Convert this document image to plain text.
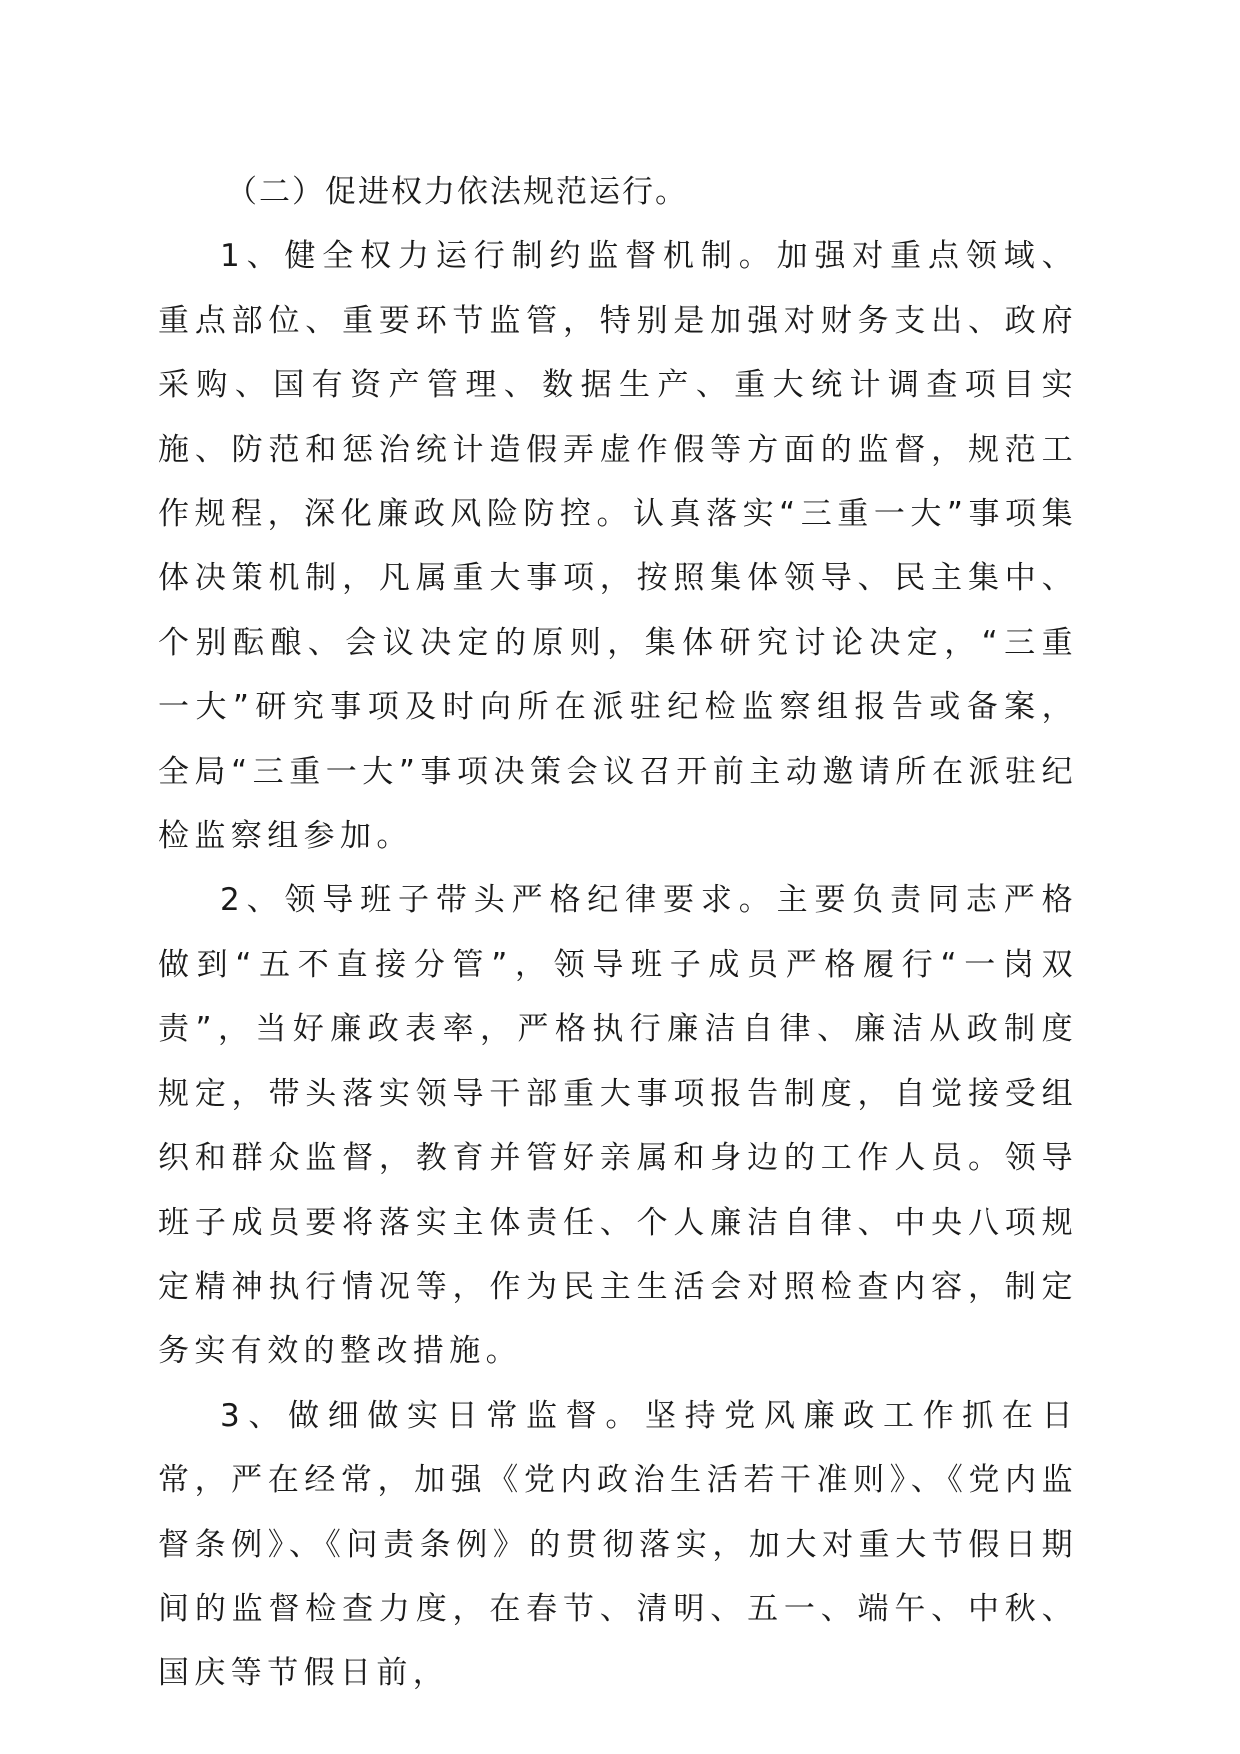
（二）促进权力依法规范运行。

1、健全权力运行制约监督机制。加强对重点领域、重点部位、重要环节监管，特别是加强对财务支出、政府采购、国有资产管理、数据生产、重大统计调查项目实施、防范和惩治统计造假弄虚作假等方面的监督，规范工作规程，深化廉政风险防控。认真落实“三重一大”事项集体决策机制，凡属重大事项，按照集体领导、民主集中、个别酝酿、会议决定的原则，集体研究讨论决定，“三重一大”研究事项及时向所在派驻纪检监察组报告或备案，全局“三重一大”事项决策会议召开前主动邀请所在派驻纪检监察组参加。

2、领导班子带头严格纪律要求。主要负责同志严格做到“五不直接分管”，领导班子成员严格履行“一岗双责”，当好廉政表率，严格执行廉洁自律、廉洁从政制度规定，带头落实领导干部重大事项报告制度，自觉接受组织和群众监督，教育并管好亲属和身边的工作人员。领导班子成员要将落实主体责任、个人廉洁自律、中央八项规定精神执行情况等，作为民主生活会对照检查内容，制定务实有效的整改措施。

3、做细做实日常监督。坚持党风廉政工作抓在日常，严在经常，加强《党内政治生活若干准则》、《党内监督条例》、《问责条例》的贯彻落实，加大对重大节假日期间的监督检查力度，在春节、清明、五一、端午、中秋、国庆等节假日前，
